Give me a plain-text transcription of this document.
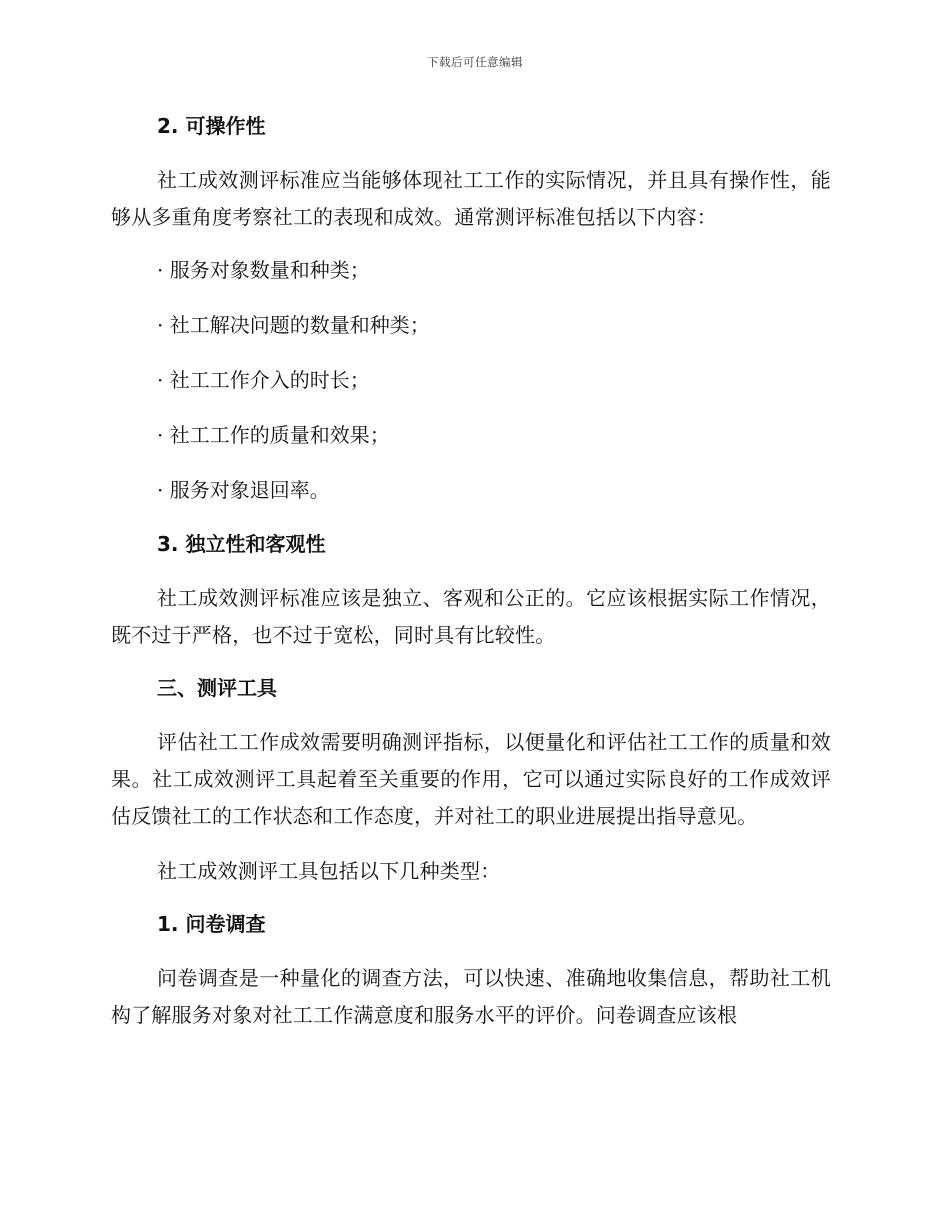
下载后可任意编辑
2. 可操作性
社工成效测评标准应当能够体现社工工作的实际情况，并且具有操作性，能够从多重角度考察社工的表现和成效。通常测评标准包括以下内容：
· 服务对象数量和种类；
· 社工解决问题的数量和种类；
· 社工工作介入的时长；
· 社工工作的质量和效果；
· 服务对象退回率。
3. 独立性和客观性
社工成效测评标准应该是独立、客观和公正的。它应该根据实际工作情况，既不过于严格，也不过于宽松，同时具有比较性。
三、测评工具
评估社工工作成效需要明确测评指标，以便量化和评估社工工作的质量和效果。社工成效测评工具起着至关重要的作用，它可以通过实际良好的工作成效评估反馈社工的工作状态和工作态度，并对社工的职业进展提出指导意见。
社工成效测评工具包括以下几种类型：
1. 问卷调查
问卷调查是一种量化的调查方法，可以快速、准确地收集信息，帮助社工机构了解服务对象对社工工作满意度和服务水平的评价。问卷调查应该根
